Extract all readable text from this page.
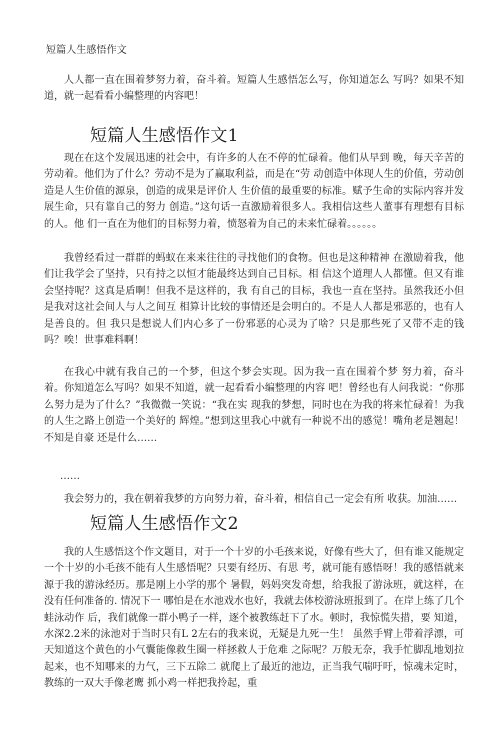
短篇人生感悟作文
人人都一直在围着梦努力着，奋斗着。短篇人生感悟怎么写，你知道怎么 写吗？如果不知道，就一起看看小编整理的内容吧！
短篇人生感悟作文1
现在在这个发展迅速的社会中，有许多的人在不停的忙碌着。他们从早到 晚，每天辛苦的劳动着。他们为了什么？劳动不是为了赢取利益，而是在“劳 动创造中体现人生的价值，劳动创造是人生价值的源泉，创造的成果是评价人 生价值的最重要的标准。赋予生命的实际内容并发展生命，只有靠自己的努力 创造。”这句话一直激励着很多人。我相信这些人董事有理想有目标的人。他 们一直在为他们的目标努力着，愤怒着为自己的未来忙碌着。。。。。。
我曾经看过一群群的蚂蚁在来来往往的寻找他们的食物。但也是这种精神 在激励着我，他们让我学会了坚持，只有持之以恒才能最终达到自己目标。相 信这个道理人人都懂。但又有谁会坚持呢？这真是盾啊！但我不是这样的，我 有自己的目标，我也一直在坚持。虽然我还小但是我对这社会间人与人之间互 相算计比较的事情还是会明白的。不是人人都是邪恶的，也有人是善良的。但 我只是想说人们内心多了一份邪恶的心灵为了啥？只是那些死了又带不走的钱 吗？唉！世事难料啊！
在我心中就有我自己的一个梦，但这个梦会实现。因为我一直在围着个梦 努力着，奋斗着。你知道怎么写吗？如果不知道，就一起看看小编整理的内容 吧！曾经也有人问我说：“你那么努力是为了什么？”我微微一笑说：“我在实 现我的梦想，同时也在为我的将来忙碌着！为我的人生之路上创造一个美好的 辉煌。”想到这里我心中就有一种说不出的感觉！嘴角老是翘起！不知是自豪 还是什么……
……
我会努力的，我在朝着我梦的方向努力着，奋斗着，相信自己一定会有所 收获。加油……
短篇人生感悟作文2
我的人生感悟这个作文题目，对于一个十岁的小毛孩来说，好像有些大了，但有谁又能规定一个十岁的小毛孩不能有人生感悟呢？只要有经历、有思 考，就可能有感悟呀！我的感悟就来源于我的游泳经历。那是刚上小学的那个 暑假，妈妈突发奇想，给我报了游泳班，就这样，在没有任何准备的. 情况下一 哪怕是在水池戏水也好，我就去体校游泳班报到了。在岸上练了几个蛙泳动作 后，我们就像一群小鸭子一样，逐个被教练赶下了水。顿时，我惊慌失措，要 知道，水深2.2米的泳池对于当时只有L 2左右的我来说，无疑是九死一生！ 虽然手臂上带着浮漂，可天知道这个黄色的小气囊能像救生圈一样拯救人于危难 之际呢？万般无奈，我手忙脚乱地划拉起来，也不知哪来的力气，三下五除二 就爬上了最近的池边，正当我气喘吁吁，惊魂未定时，教练的一双大手像老鹰 抓小鸡一样把我拎起，重
